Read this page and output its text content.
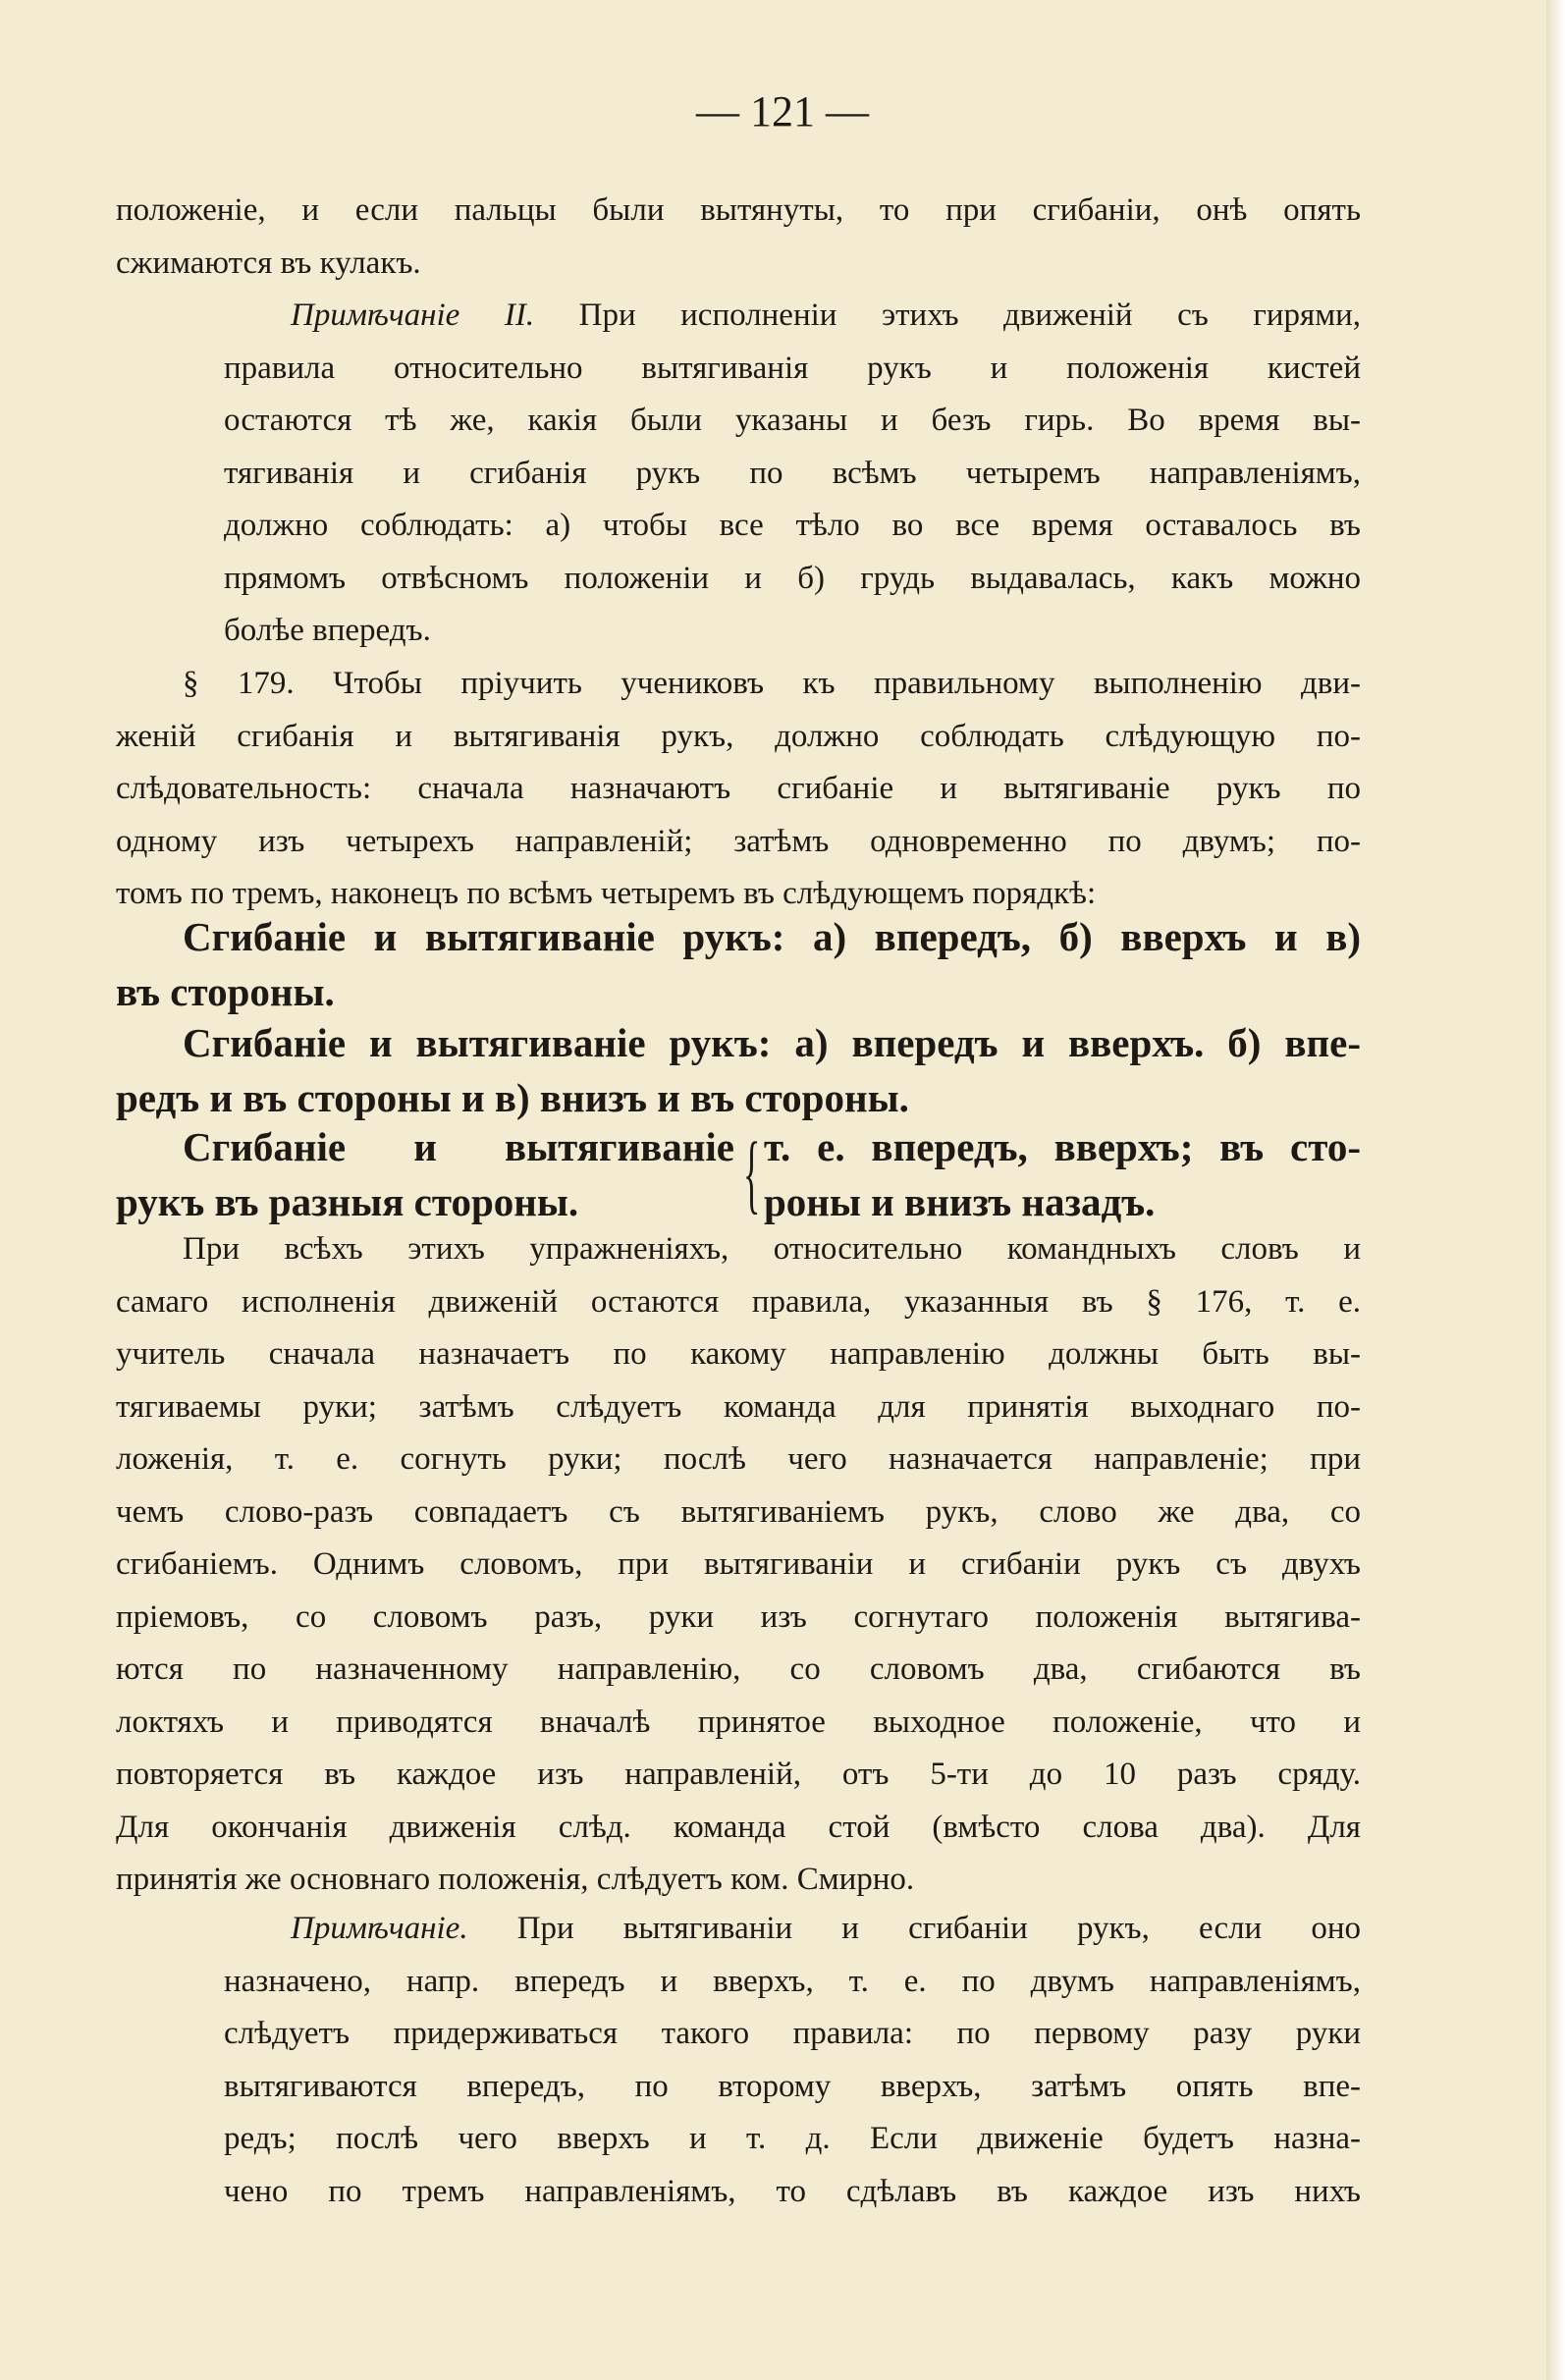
— 121 —

положеніе, и если пальцы были вытянуты, то при сгибаніи, онѣ опять
сжимаются въ кулакъ.

Примѣчаніе II. При исполненіи этихъ движеній съ гирями,
правила относительно вытягиванія рукъ и положенія кистей
остаются тѣ же, какія были указаны и безъ гирь. Во время вы-
тягиванія и сгибанія рукъ по всѣмъ четыремъ направленіямъ,
должно соблюдать: а) чтобы все тѣло во все время оставалось въ
прямомъ отвѣсномъ положеніи и б) грудь выдавалась, какъ можно
болѣе впередъ.

§ 179. Чтобы пріучить учениковъ къ правильному выполненію дви-
женій сгибанія и вытягиванія рукъ, должно соблюдать слѣдующую по-
слѣдовательность: сначала назначаютъ сгибаніе и вытягиваніе рукъ по
одному изъ четырехъ направленій; затѣмъ одновременно по двумъ; по-
томъ по тремъ, наконецъ по всѣмъ четыремъ въ слѣдующемъ порядкѣ:

Сгибаніе и вытягиваніе рукъ: а) впередъ, б) вверхъ и в)
въ стороны.

Сгибаніе и вытягиваніе рукъ: а) впередъ и вверхъ. б) впе-
редъ и въ стороны и в) внизъ и въ стороны.

Сгибаніе и вытягиваніе
рукъ въ разныя стороны.	{ т. е. впередъ, вверхъ; въ сто-
роны и внизъ назадъ.

При всѣхъ этихъ упражненіяхъ, относительно командныхъ словъ и
самаго исполненія движеній остаются правила, указанныя въ § 176, т. е.
учитель сначала назначаетъ по какому направленію должны быть вы-
тягиваемы руки; затѣмъ слѣдуетъ команда для принятія выходнаго по-
ложенія, т. е. согнуть руки; послѣ чего назначается направленіе; при
чемъ слово-разъ совпадаетъ съ вытягиваніемъ рукъ, слово же два, со
сгибаніемъ. Однимъ словомъ, при вытягиваніи и сгибаніи рукъ съ двухъ
пріемовъ, со словомъ разъ, руки изъ согнутаго положенія вытягива-
ются по назначенному направленію, со словомъ два, сгибаются въ
локтяхъ и приводятся вначалѣ принятое выходное положеніе, что и
повторяется въ каждое изъ направленій, отъ 5-ти до 10 разъ сряду.
Для окончанія движенія слѣд. команда стой (вмѣсто слова два). Для
принятія же основнаго положенія, слѣдуетъ ком. Смирно.

Примѣчаніе. При вытягиваніи и сгибаніи рукъ, если оно
назначено, напр. впередъ и вверхъ, т. е. по двумъ направленіямъ,
слѣдуетъ придерживаться такого правила: по первому разу руки
вытягиваются впередъ, по второму вверхъ, затѣмъ опять впе-
редъ; послѣ чего вверхъ и т. д. Если движеніе будетъ назна-
чено по тремъ направленіямъ, то сдѣлавъ въ каждое изъ нихъ
